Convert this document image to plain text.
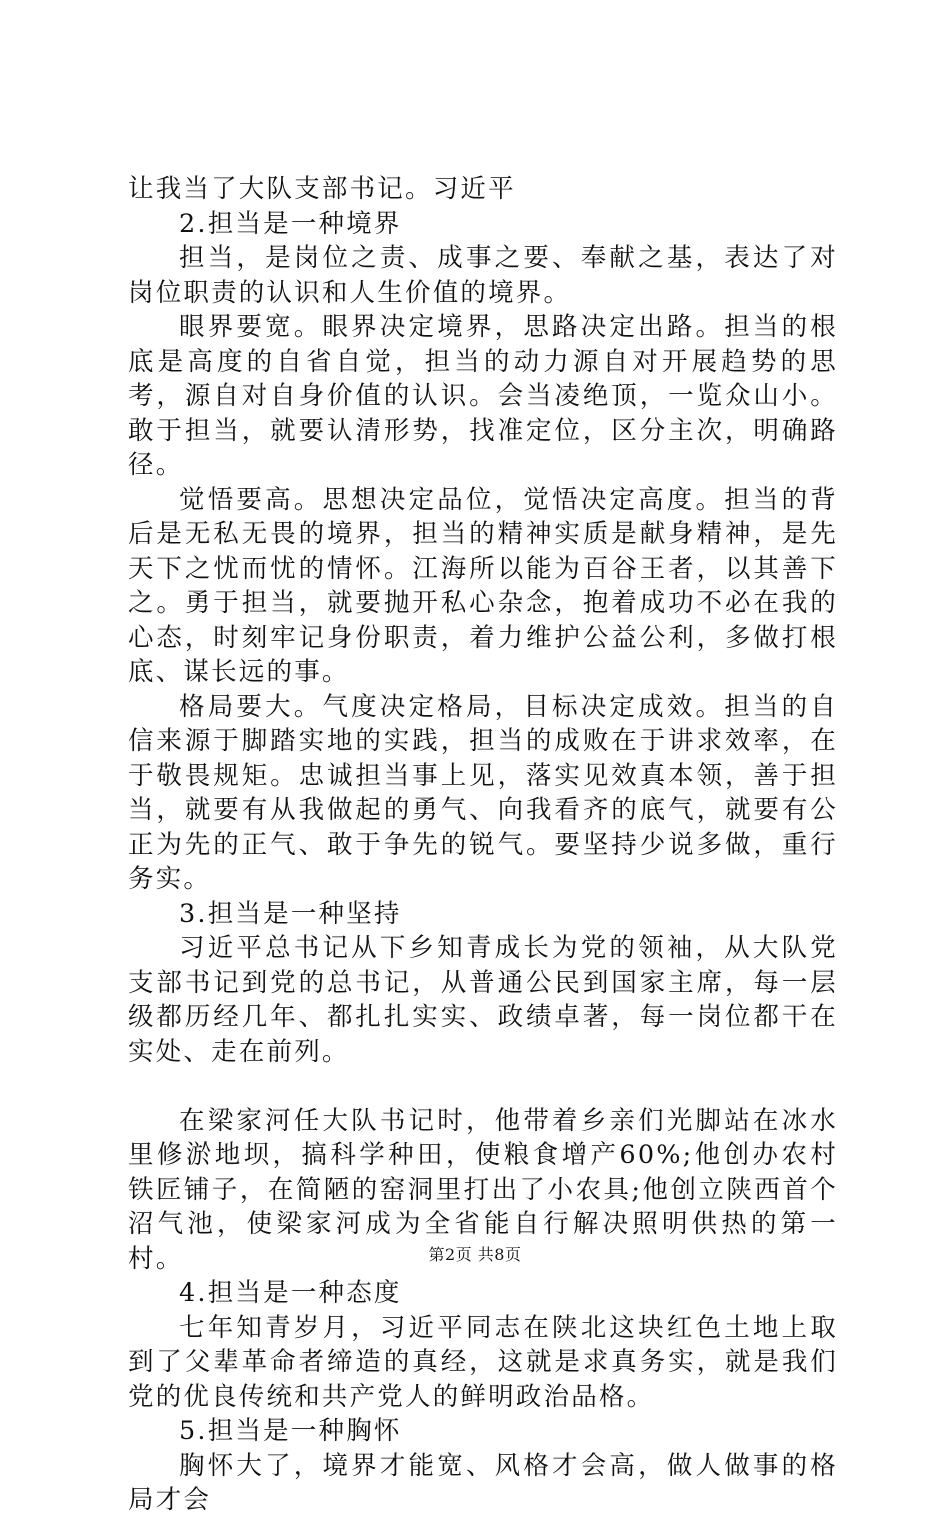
让我当了大队支部书记。习近平

2.担当是一种境界

担当，是岗位之责、成事之要、奉献之基，表达了对岗位职责的认识和人生价值的境界。

眼界要宽。眼界决定境界，思路决定出路。担当的根底是高度的自省自觉，担当的动力源自对开展趋势的思考，源自对自身价值的认识。会当凌绝顶，一览众山小。敢于担当，就要认清形势，找准定位，区分主次，明确路径。

觉悟要高。思想决定品位，觉悟决定高度。担当的背后是无私无畏的境界，担当的精神实质是献身精神，是先天下之忧而忧的情怀。江海所以能为百谷王者，以其善下之。勇于担当，就要抛开私心杂念，抱着成功不必在我的心态，时刻牢记身份职责，着力维护公益公利，多做打根底、谋长远的事。

格局要大。气度决定格局，目标决定成效。担当的自信来源于脚踏实地的实践，担当的成败在于讲求效率，在于敬畏规矩。忠诚担当事上见，落实见效真本领，善于担当，就要有从我做起的勇气、向我看齐的底气，就要有公正为先的正气、敢于争先的锐气。要坚持少说多做，重行务实。

3.担当是一种坚持

习近平总书记从下乡知青成长为党的领袖，从大队党支部书记到党的总书记，从普通公民到国家主席，每一层级都历经几年、都扎扎实实、政绩卓著，每一岗位都干在实处、走在前列。

在梁家河任大队书记时，他带着乡亲们光脚站在冰水里修淤地坝，搞科学种田，使粮食增产60%;他创办农村铁匠铺子，在简陋的窑洞里打出了小农具;他创立陕西首个沼气池，使梁家河成为全省能自行解决照明供热的第一村。

4.担当是一种态度

七年知青岁月，习近平同志在陕北这块红色土地上取到了父辈革命者缔造的真经，这就是求真务实，就是我们党的优良传统和共产党人的鲜明政治品格。

5.担当是一种胸怀

胸怀大了，境界才能宽、风格才会高，做人做事的格局才会

第2页 共8页
